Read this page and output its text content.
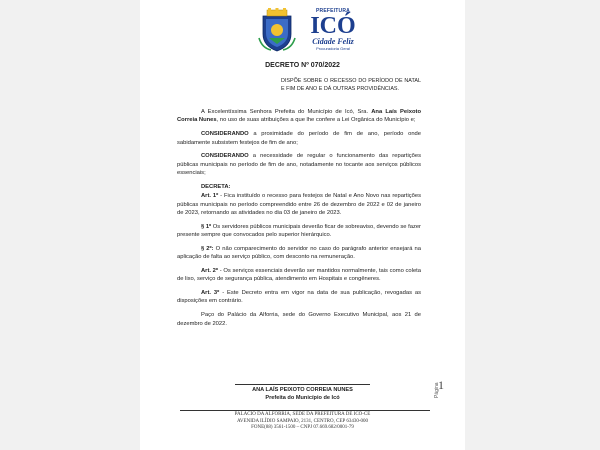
PREFEITURA
ICÓ
Cidade Feliz
Procuradoria Geral
DECRETO Nº 070/2022
DISPÕE SOBRE O RECESSO DO PERÍODO DE NATAL E FIM DE ANO E DÁ OUTRAS PROVIDÊNCIAS.

A Excelentíssima Senhora Prefeita do Município de Icó, Sra. Ana Laís Peixoto Correia Nunes, no uso de suas atribuições a que lhe confere a Lei Orgânica do Município e;

CONSIDERANDO a proximidade do período de fim de ano, período onde sabidamente subsistem festejos de fim de ano;

CONSIDERANDO a necessidade de regular o funcionamento das repartições públicas municipais no período de fim de ano, notadamente no tocante aos serviços públicos essenciais;

DECRETA:

Art. 1º - Fica instituído o recesso para festejos de Natal e Ano Novo nas repartições públicas municipais no período compreendido entre 26 de dezembro de 2022 e 02 de janeiro de 2023, retornando as atividades no dia 03 de janeiro de 2023.

§ 1º Os servidores públicos municipais deverão ficar de sobreaviso, devendo se fazer presente sempre que convocados pelo superior hierárquico.

§ 2º: O não comparecimento do servidor no caso do parágrafo anterior ensejará na aplicação de falta ao serviço público, com desconto na remuneração.

Art. 2º - Os serviços essenciais deverão ser mantidos normalmente, tais como coleta de lixo, serviço de segurança pública, atendimento em Hospitais e congêneres.

Art. 3º - Este Decreto entra em vigor na data de sua publicação, revogadas as disposições em contrário.

Paço do Palácio da Alforria, sede do Governo Executivo Municipal, aos 21 de dezembro de 2022.

ANA LAÍS PEIXOTO CORREIA NUNES
Prefeita do Município de Icó	Página
1
PALÁCIO DA ALFORRIA, SEDE DA PREFEITURA DE ICÓ-CE
AVENIDA ILÍDIO SAMPAIO, 2131, CENTRO, CEP 63430-000
FONE(88) 3561-1500 – CNPJ 07.669.682/0001-79
